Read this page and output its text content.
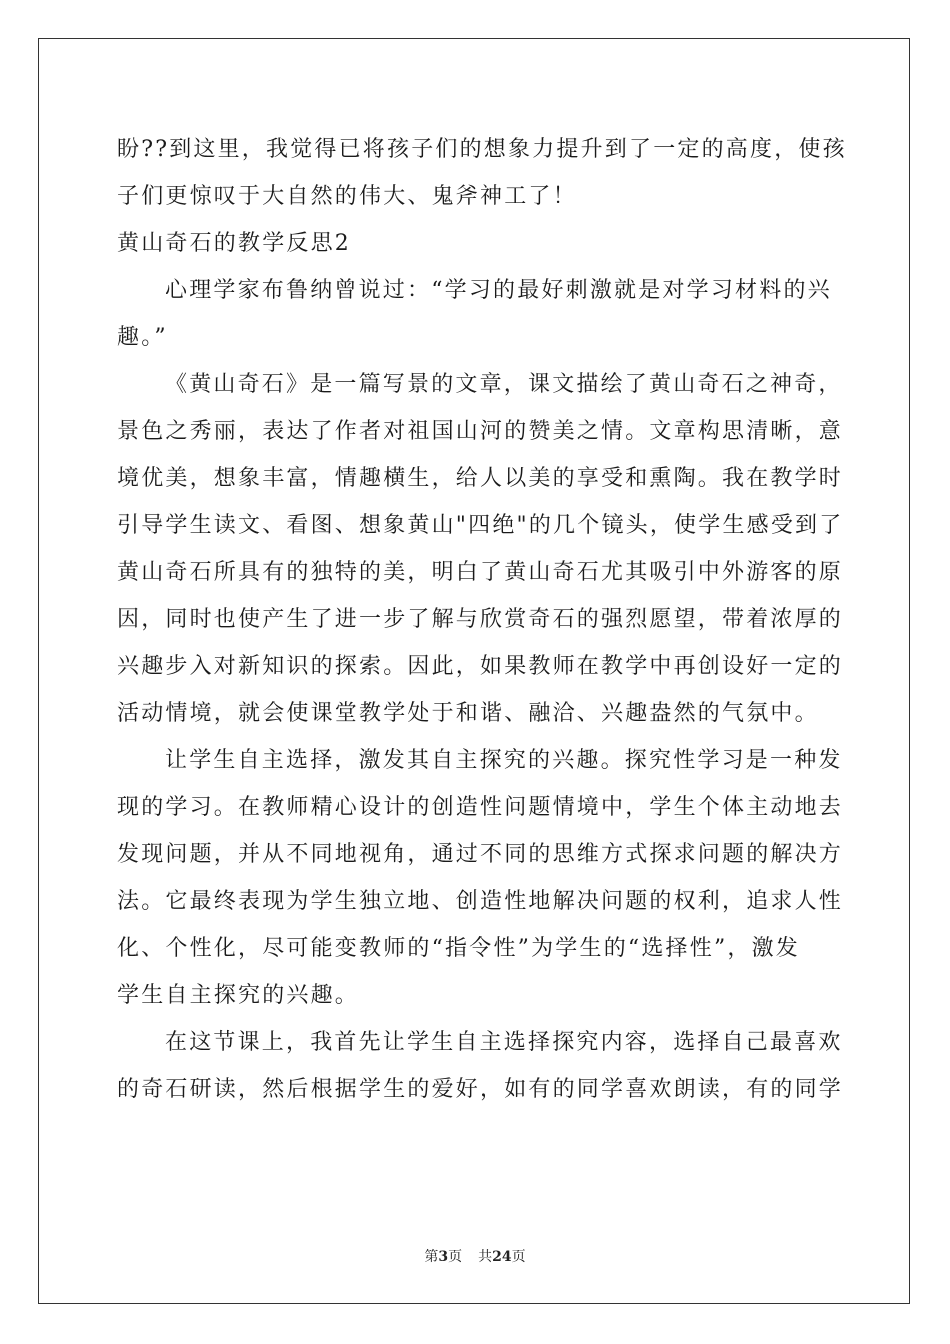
盼??到这里，我觉得已将孩子们的想象力提升到了一定的高度，使孩
子们更惊叹于大自然的伟大、鬼斧神工了！
黄山奇石的教学反思2
心理学家布鲁纳曾说过：“学习的最好刺激就是对学习材料的兴
趣。”
《黄山奇石》是一篇写景的文章，课文描绘了黄山奇石之神奇，
景色之秀丽，表达了作者对祖国山河的赞美之情。文章构思清晰，意
境优美，想象丰富，情趣横生，给人以美的享受和熏陶。我在教学时
引导学生读文、看图、想象黄山"四绝"的几个镜头，使学生感受到了
黄山奇石所具有的独特的美，明白了黄山奇石尤其吸引中外游客的原
因，同时也使产生了进一步了解与欣赏奇石的强烈愿望，带着浓厚的
兴趣步入对新知识的探索。因此，如果教师在教学中再创设好一定的
活动情境，就会使课堂教学处于和谐、融洽、兴趣盎然的气氛中。
让学生自主选择，激发其自主探究的兴趣。探究性学习是一种发
现的学习。在教师精心设计的创造性问题情境中，学生个体主动地去
发现问题，并从不同地视角，通过不同的思维方式探求问题的解决方
法。它最终表现为学生独立地、创造性地解决问题的权利，追求人性
化、个性化，尽可能变教师的“指令性”为学生的“选择性”，激发
学生自主探究的兴趣。
在这节课上，我首先让学生自主选择探究内容，选择自己最喜欢
的奇石研读，然后根据学生的爱好，如有的同学喜欢朗读，有的同学
第3页 共24页
